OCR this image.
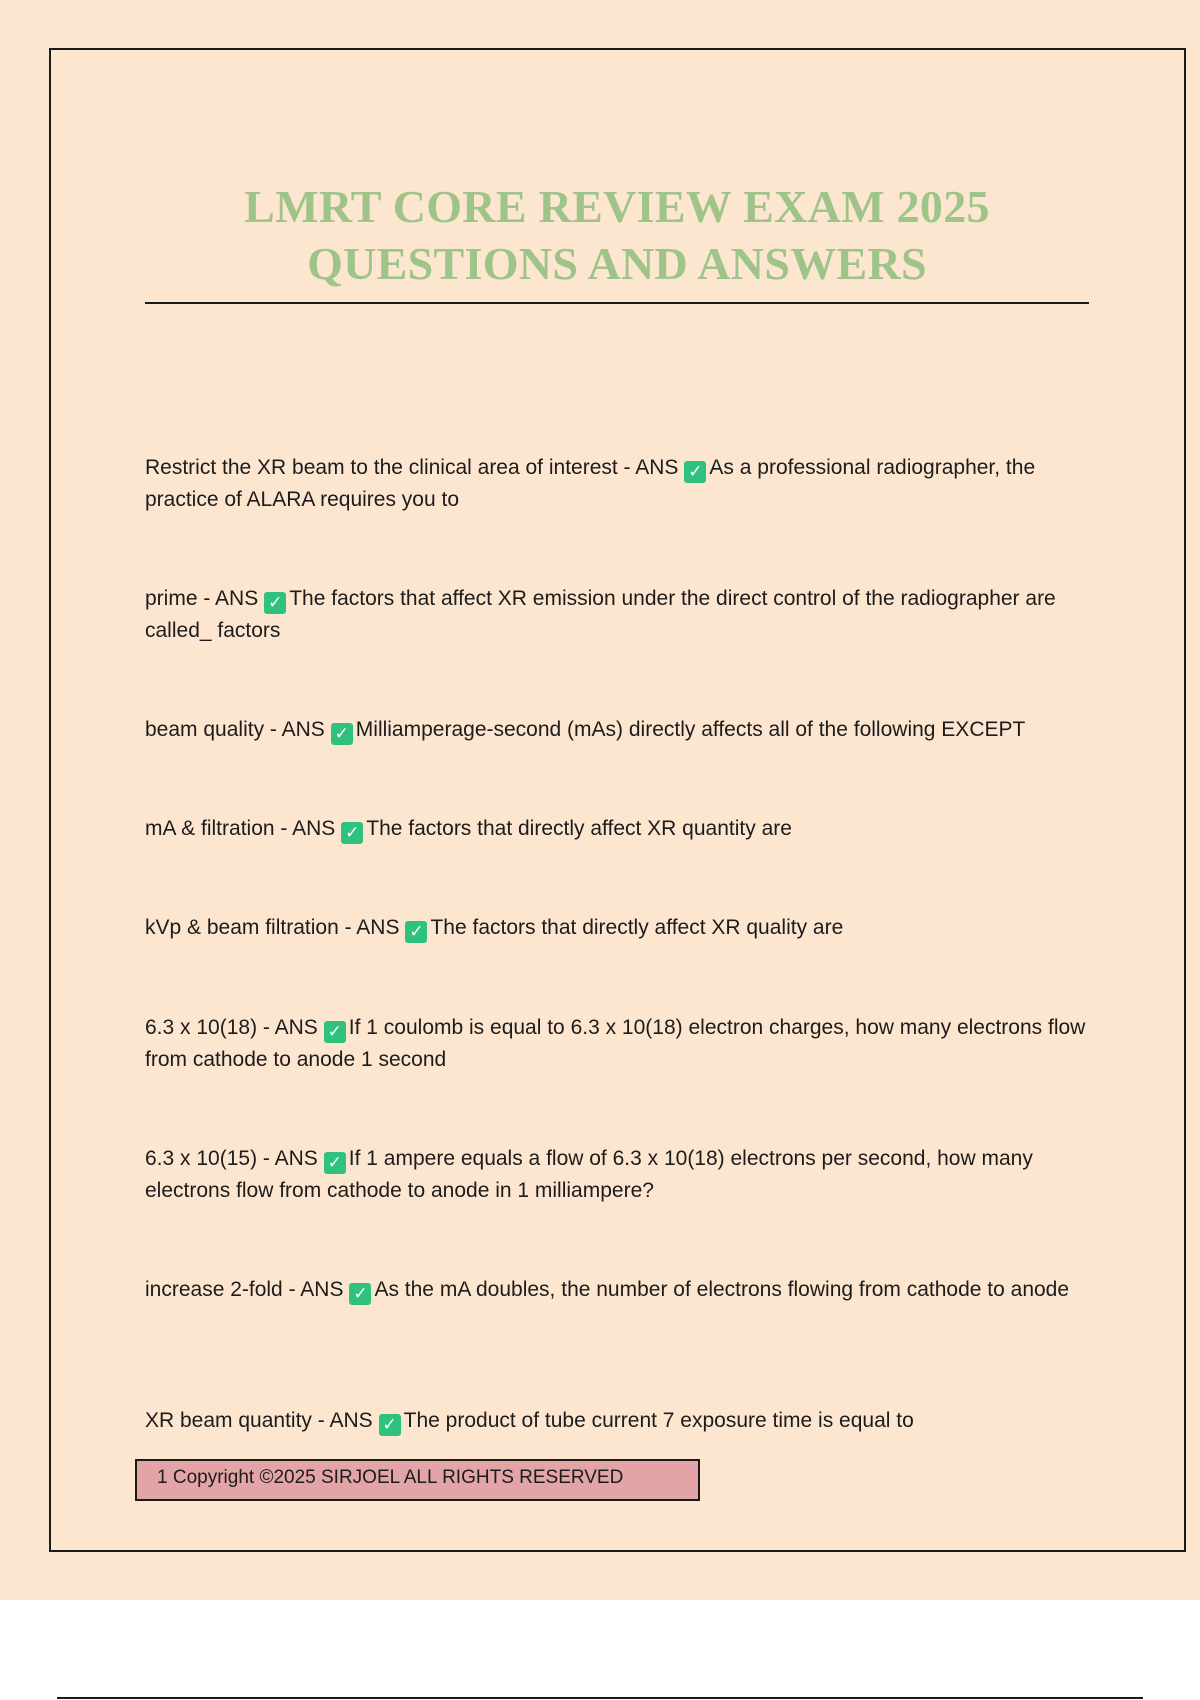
LMRT CORE REVIEW EXAM 2025
QUESTIONS AND ANSWERS
Restrict the XR beam to the clinical area of interest - ANS ✓ As a professional radiographer, the practice of ALARA requires you to
prime - ANS ✓ The factors that affect XR emission under the direct control of the radiographer are called_ factors
beam quality - ANS ✓ Milliamperage-second (mAs) directly affects all of the following EXCEPT
mA & filtration - ANS ✓ The factors that directly affect XR quantity are
kVp & beam filtration - ANS ✓ The factors that directly affect XR quality are
6.3 x 10(18) - ANS ✓ If 1 coulomb is equal to 6.3 x 10(18) electron charges, how many electrons flow from cathode to anode 1 second
6.3 x 10(15) - ANS ✓ If 1 ampere equals a flow of 6.3 x 10(18) electrons per second, how many electrons flow from cathode to anode in 1 milliampere?
increase 2-fold - ANS ✓ As the mA doubles, the number of electrons flowing from cathode to anode
XR beam quantity - ANS ✓ The product of tube current 7 exposure time is equal to
1 Copyright ©2025 SIRJOEL ALL RIGHTS RESERVED
